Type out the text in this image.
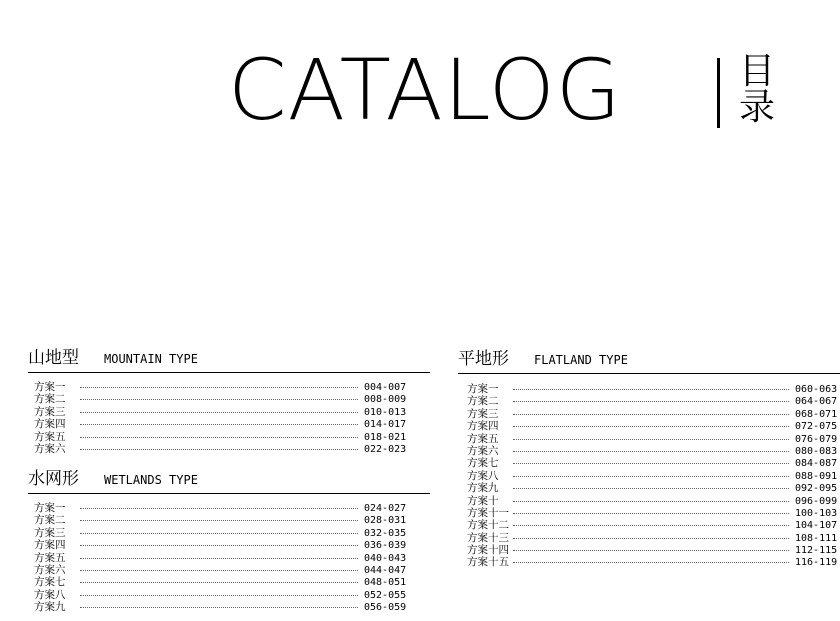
CATALOG	目
录
山地型 MOUNTAIN TYPE
方案一	004-007
方案二	008-009
方案三	010-013
方案四	014-017
方案五	018-021
方案六	022-023
水网形 WETLANDS TYPE
方案一	024-027
方案二	028-031
方案三	032-035
方案四	036-039
方案五	040-043
方案六	044-047
方案七	048-051
方案八	052-055
方案九	056-059
平地形 FLATLAND TYPE
方案一	060-063
方案二	064-067
方案三	068-071
方案四	072-075
方案五	076-079
方案六	080-083
方案七	084-087
方案八	088-091
方案九	092-095
方案十	096-099
方案十一	100-103
方案十二	104-107
方案十三	108-111
方案十四	112-115
方案十五	116-119
